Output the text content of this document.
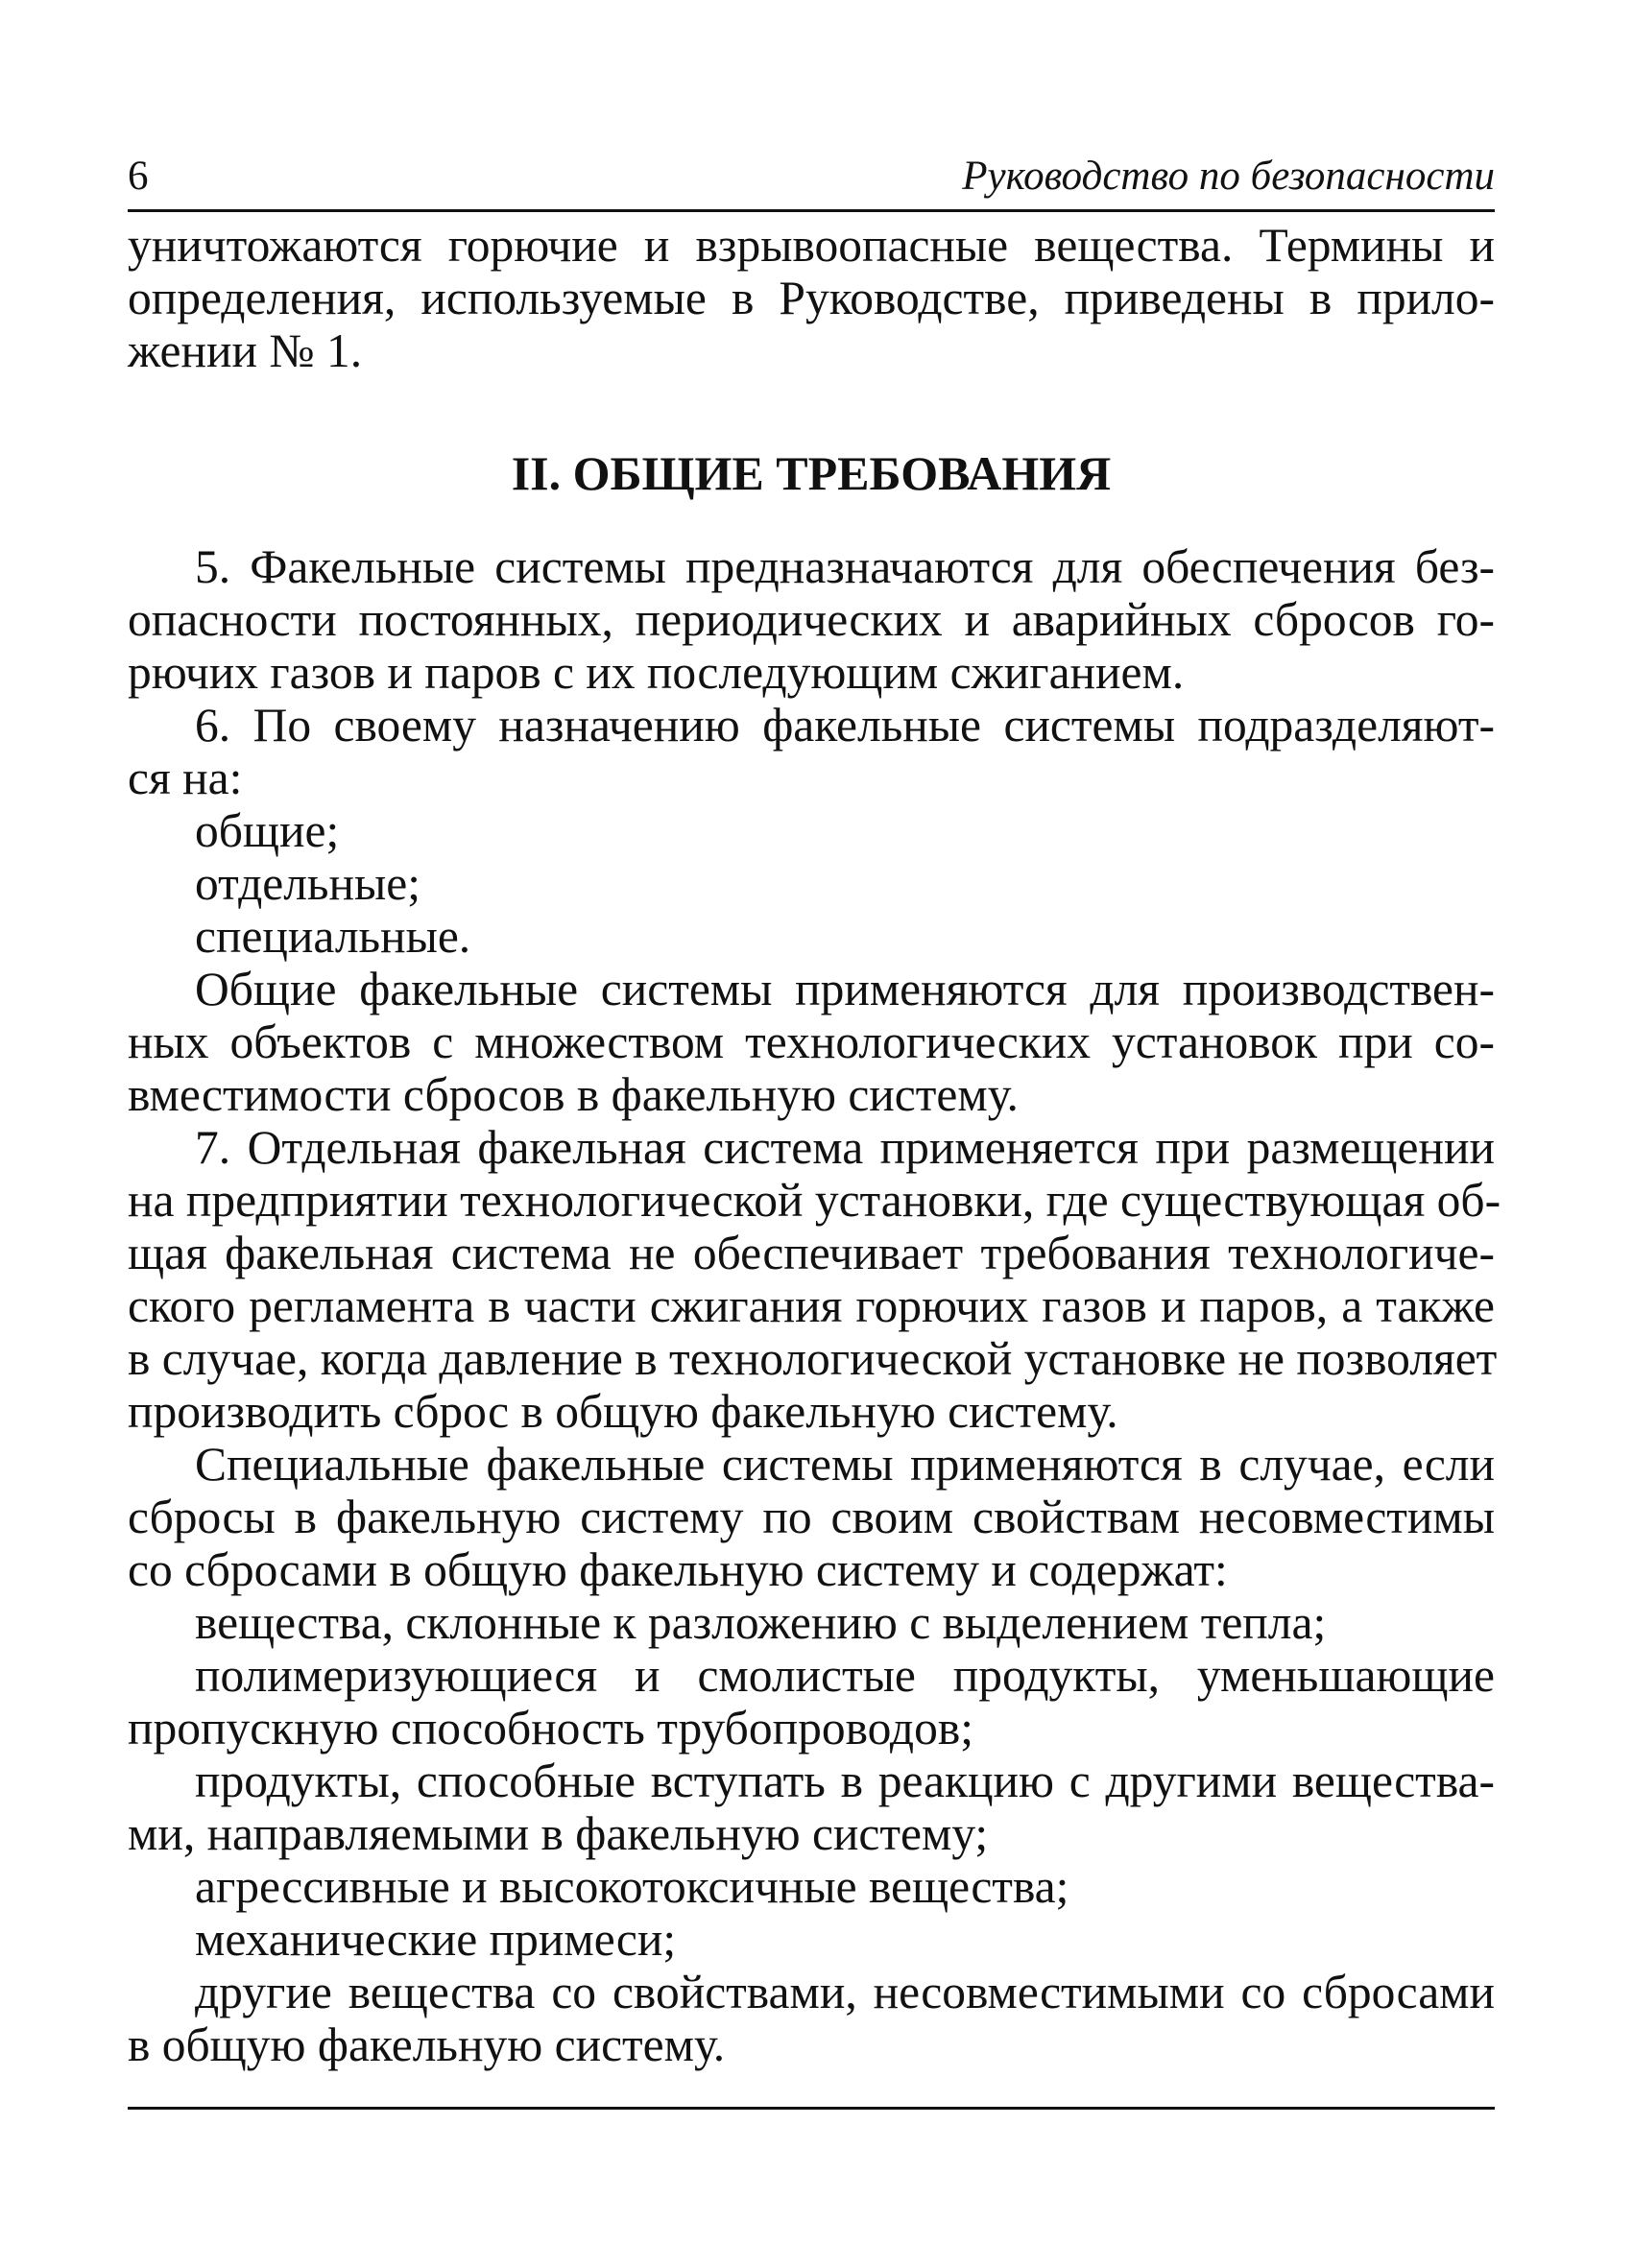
6	Руководство по безопасности
уничтожаются горючие и взрывоопасные вещества. Термины и
определения, используемые в Руководстве, приведены в прило-
жении № 1.
II. ОБЩИЕ ТРЕБОВАНИЯ
5. Факельные системы предназначаются для обеспечения без-
опасности постоянных, периодических и аварийных сбросов го-
рючих газов и паров с их последующим сжиганием.
6. По своему назначению факельные системы подразделяют-
ся на:
общие;
отдельные;
специальные.
Общие факельные системы применяются для производствен-
ных объектов с множеством технологических установок при со-
вместимости сбросов в факельную систему.
7. Отдельная факельная система применяется при размещении
на предприятии технологической установки, где существующая об-
щая факельная система не обеспечивает требования технологиче-
ского регламента в части сжигания горючих газов и паров, а также
в случае, когда давление в технологической установке не позволяет
производить сброс в общую факельную систему.
Специальные факельные системы применяются в случае, если
сбросы в факельную систему по своим свойствам несовместимы
со сбросами в общую факельную систему и содержат:
вещества, склонные к разложению с выделением тепла;
полимеризующиеся и смолистые продукты, уменьшающие
пропускную способность трубопроводов;
продукты, способные вступать в реакцию с другими вещества-
ми, направляемыми в факельную систему;
агрессивные и высокотоксичные вещества;
механические примеси;
другие вещества со свойствами, несовместимыми со сбросами
в общую факельную систему.
